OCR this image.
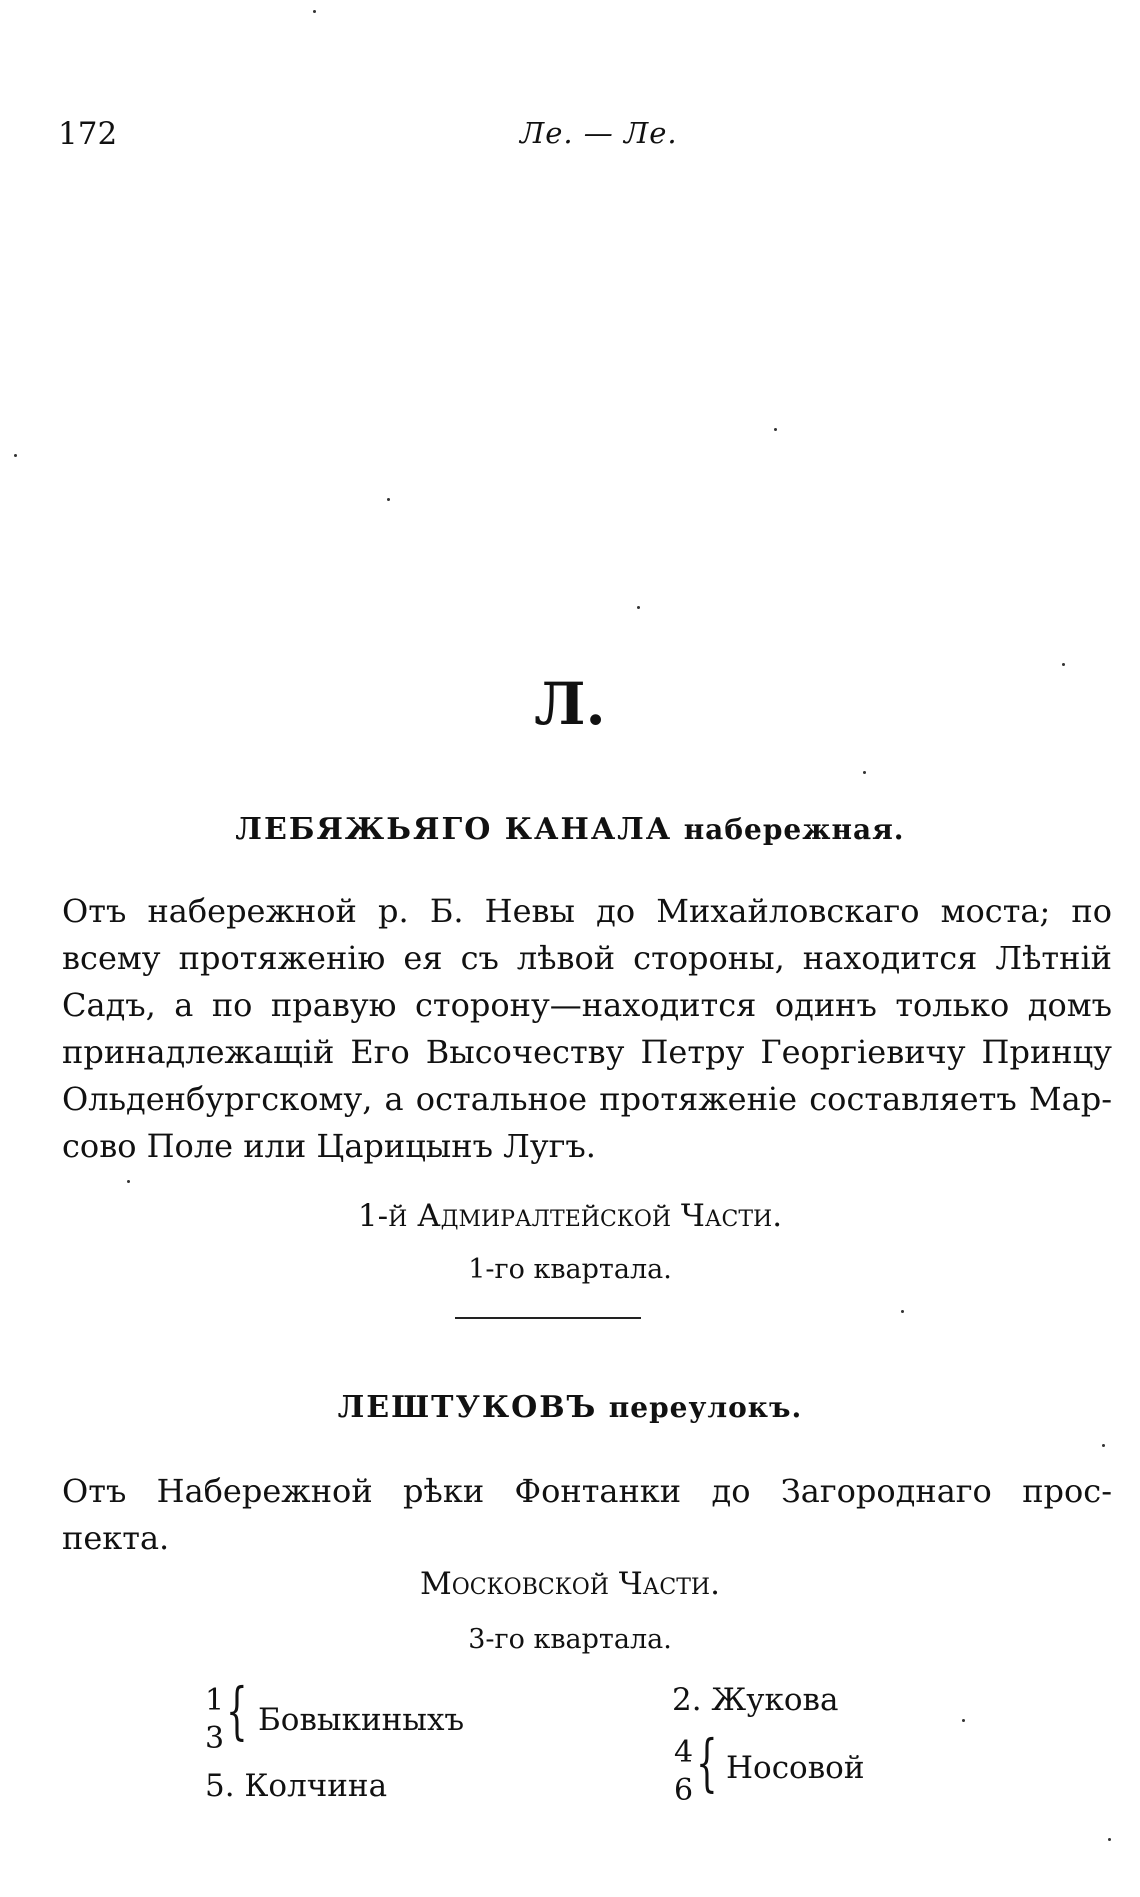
172	Ле. — Ле.
Л.
ЛЕБЯЖЬЯГО КАНАЛА набережная.
Отъ набережной р. Б. Невы до Михайловскаго моста; по
всему протяженію ея съ лѣвой стороны, находится Лѣтній
Садъ, а по правую сторону—находится одинъ только домъ
принадлежащій Его Высочеству Петру Георгіевичу Принцу
Ольденбургскому, а остальное протяженіе составляетъ Мар-
сово Поле или Царицынъ Лугъ.
1-й Адмиралтейской Части.
1-го квартала.
ЛЕШТУКОВЪ переулокъ.
Отъ Набережной рѣки Фонтанки до Загороднаго прос-
пекта.
Московской Части.
3-го квартала.
1
3 { Бовыкиныхъ
5. Колчина
2. Жукова
4
6 { Носовой
